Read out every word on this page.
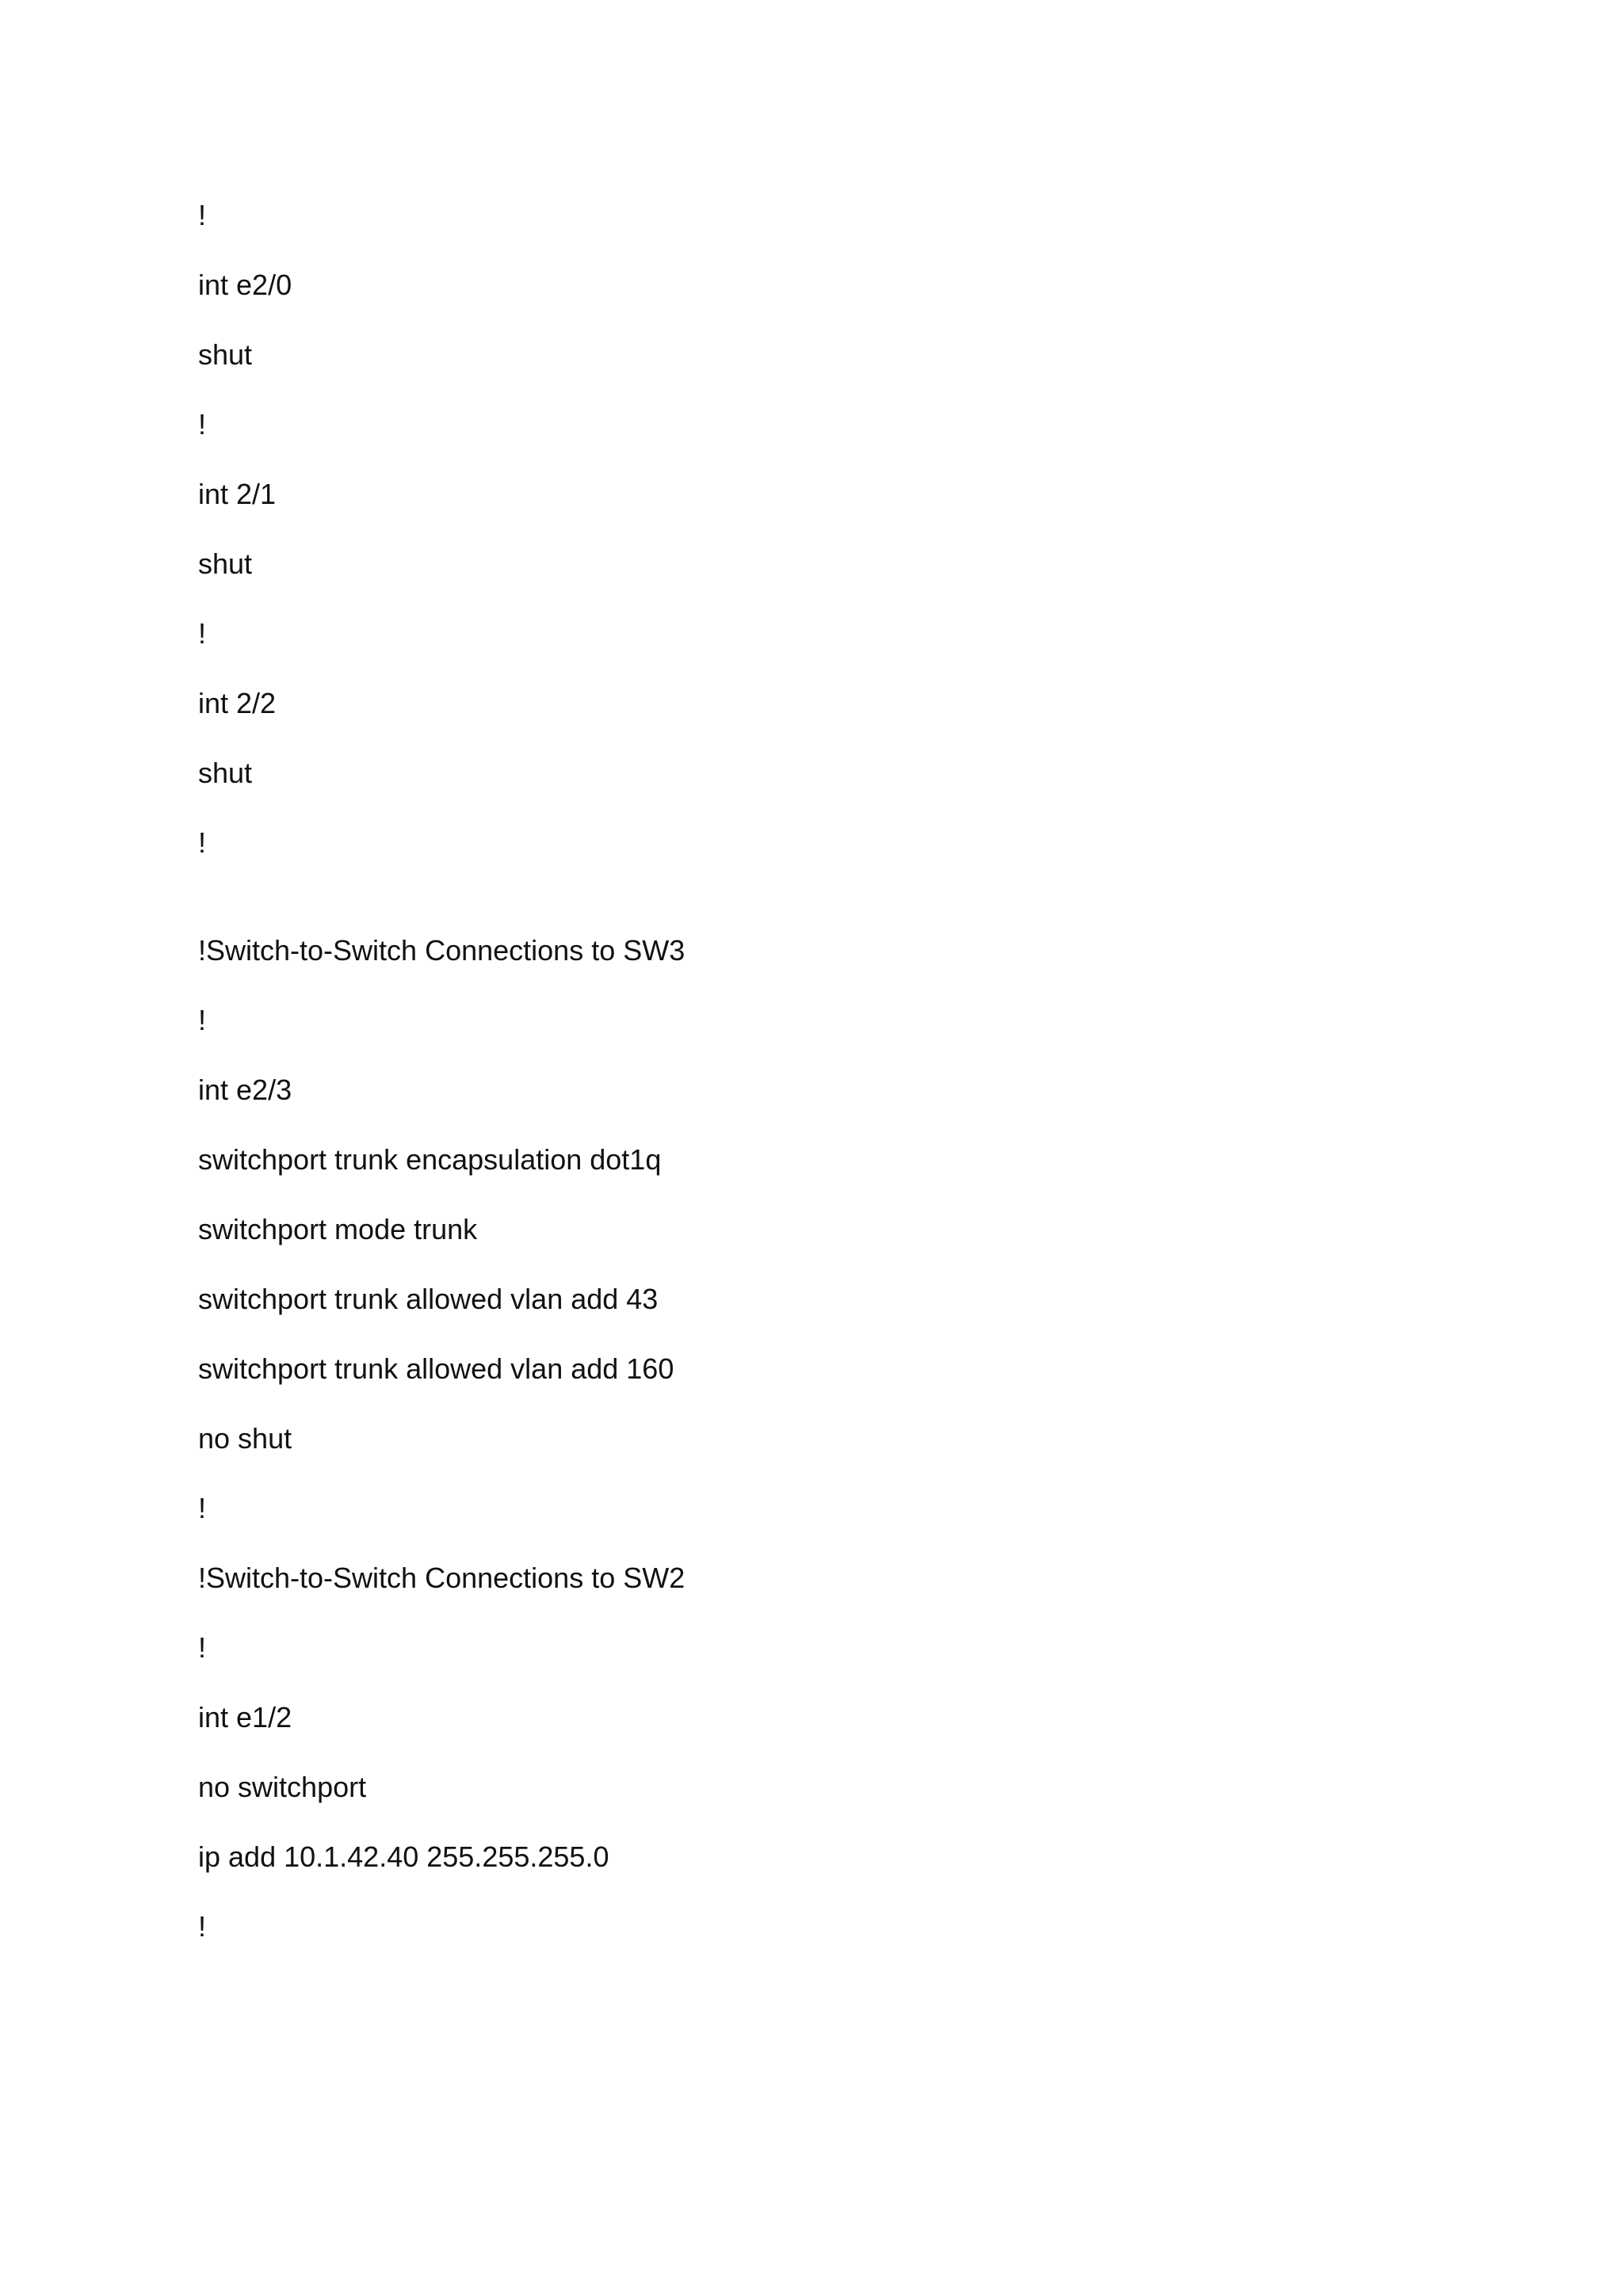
!
int e2/0
shut
!
int 2/1
shut
!
int 2/2
shut
!
!Switch-to-Switch Connections to SW3
!
int e2/3
switchport trunk encapsulation dot1q
switchport mode trunk
switchport trunk allowed vlan add 43
switchport trunk allowed vlan add 160
no shut
!
!Switch-to-Switch Connections to SW2
!
int e1/2
no switchport
ip add 10.1.42.40 255.255.255.0
!
